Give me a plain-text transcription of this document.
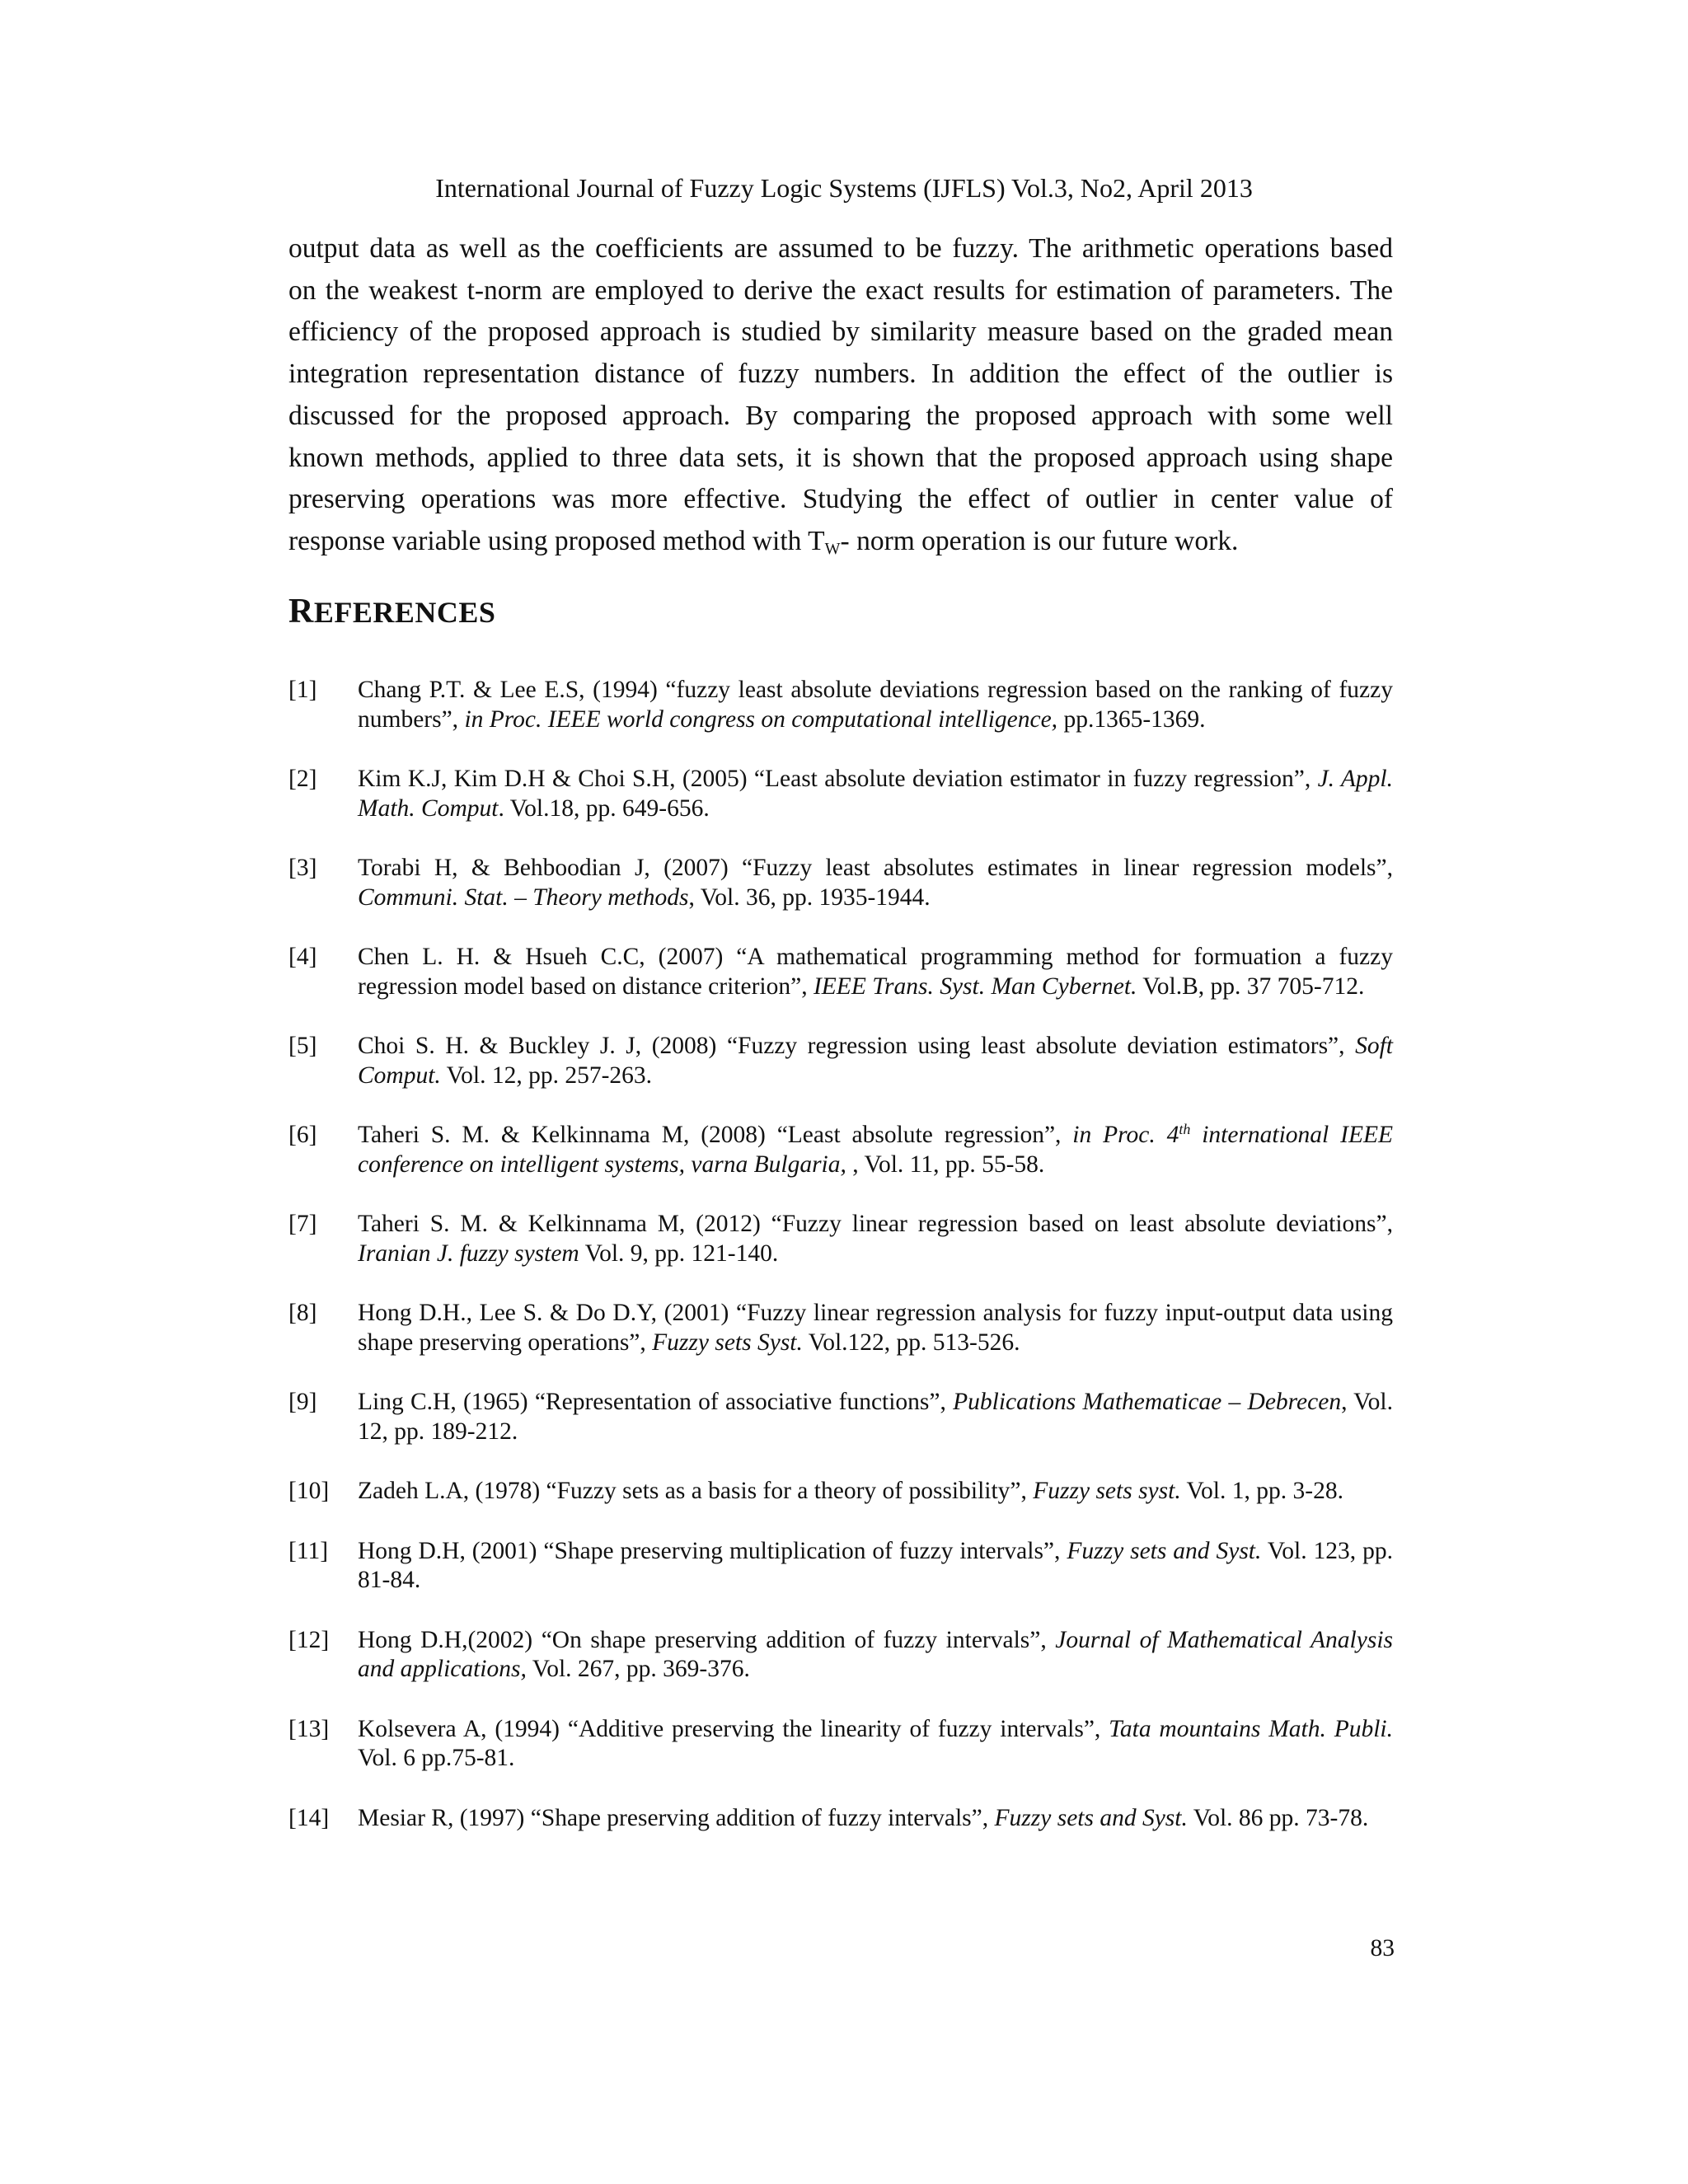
International Journal of Fuzzy Logic Systems (IJFLS) Vol.3, No2, April 2013
output data as well as the coefficients are assumed to be fuzzy. The arithmetic operations based
on the weakest t-norm are employed to derive the exact results for estimation of parameters. The
efficiency of the proposed approach is studied by similarity measure based on the graded mean
integration representation distance of fuzzy numbers. In addition the effect of the outlier is
discussed for the proposed approach. By comparing the proposed approach with some well
known methods, applied to three data sets, it is shown that the proposed approach using shape
preserving operations was more effective. Studying the effect of outlier in center value of
response variable using proposed method with $T_W-$ norm operation is our future work.
REFERENCES
[1] Chang P.T. & Lee E.S, (1994) “fuzzy least absolute deviations regression based on the ranking of fuzzy numbers”, in Proc. IEEE world congress on computational intelligence, pp.1365-1369.
[2] Kim K.J, Kim D.H & Choi S.H, (2005) “Least absolute deviation estimator in fuzzy regression”, J. Appl. Math. Comput. Vol.18, pp. 649-656.
[3] Torabi H, & Behboodian J, (2007) “Fuzzy least absolutes estimates in linear regression models”, Communi. Stat. – Theory methods, Vol. 36, pp. 1935-1944.
[4] Chen L. H. & Hsueh C.C, (2007) “A mathematical programming method for formuation a fuzzy regression model based on distance criterion”, IEEE Trans. Syst. Man Cybernet. Vol.B, pp. 37 705-712.
[5] Choi S. H. & Buckley J. J, (2008) “Fuzzy regression using least absolute deviation estimators”, Soft Comput. Vol. 12, pp. 257-263.
[6] Taheri S. M. & Kelkinnama M, (2008) “Least absolute regression”, in Proc. 4th international IEEE conference on intelligent systems, varna Bulgaria, , Vol. 11, pp. 55-58.
[7] Taheri S. M. & Kelkinnama M, (2012) “Fuzzy linear regression based on least absolute deviations”, Iranian J. fuzzy system Vol. 9, pp. 121-140.
[8] Hong D.H., Lee S. & Do D.Y, (2001) “Fuzzy linear regression analysis for fuzzy input-output data using shape preserving operations”, Fuzzy sets Syst. Vol.122, pp. 513-526.
[9] Ling C.H, (1965) “Representation of associative functions”, Publications Mathematicae – Debrecen, Vol. 12, pp. 189-212.
[10] Zadeh L.A, (1978) “Fuzzy sets as a basis for a theory of possibility”, Fuzzy sets syst. Vol. 1, pp. 3-28.
[11] Hong D.H, (2001) “Shape preserving multiplication of fuzzy intervals”, Fuzzy sets and Syst. Vol. 123, pp. 81-84.
[12] Hong D.H,(2002) “On shape preserving addition of fuzzy intervals”, Journal of Mathematical Analysis and applications, Vol. 267, pp. 369-376.
[13] Kolsevera A, (1994) “Additive preserving the linearity of fuzzy intervals”, Tata mountains Math. Publi. Vol. 6 pp.75-81.
[14] Mesiar R, (1997) “Shape preserving addition of fuzzy intervals”, Fuzzy sets and Syst. Vol. 86 pp. 73-78.
83
